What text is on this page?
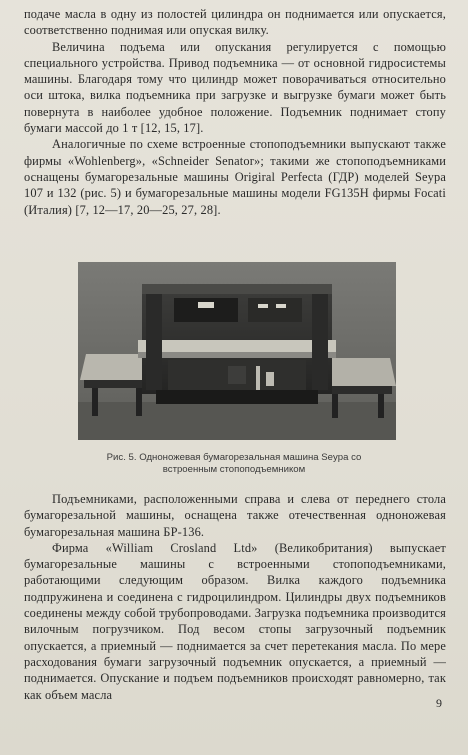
подаче масла в одну из полостей цилиндра он поднимается или опускается, соответственно поднимая или опуская вилку.

Величина подъема или опускания регулируется с помощью специального устройства. Привод подъемника — от основной гидросистемы машины. Благодаря тому что цилиндр может поворачиваться относительно оси штока, вилка подъемника при загрузке и выгрузке бумаги может быть повернута в наиболее удобное положение. Подъемник поднимает стопу бумаги массой до 1 т [12, 15, 17].

Аналогичные по схеме встроенные стопоподъемники выпускают также фирмы «Wohlenberg», «Schneider Senator»; такими же стопоподъемниками оснащены бумагорезальные машины Origiral Perfecta (ГДР) моделей Seypa 107 и 132 (рис. 5) и бумагорезальные машины модели FG135H фирмы Focati (Италия) [7, 12—17, 20—25, 27, 28].

Рис. 5. Одноножевая бумагорезальная машина Seypa со
встроенным стопоподъемником

Подъемниками, расположенными справа и слева от переднего стола бумагорезальной машины, оснащена также отечественная одноножевая бумагорезальная машина БР-136.

Фирма «William Crosland Ltd» (Великобритания) выпускает бумагорезальные машины с встроенными стопоподъемниками, работающими следующим образом. Вилка каждого подъемника подпружинена и соединена с гидроцилиндром. Цилиндры двух подъемников соединены между собой трубопроводами. Загрузка подъемника производится вилочным погрузчиком. Под весом стопы загрузочный подъемник опускается, а приемный — поднимается за счет перетекания масла. По мере расходования бумаги загрузочный подъемник опускается, а приемный — поднимается. Опускание и подъем подъемников происходят равномерно, так как объем масла

9
